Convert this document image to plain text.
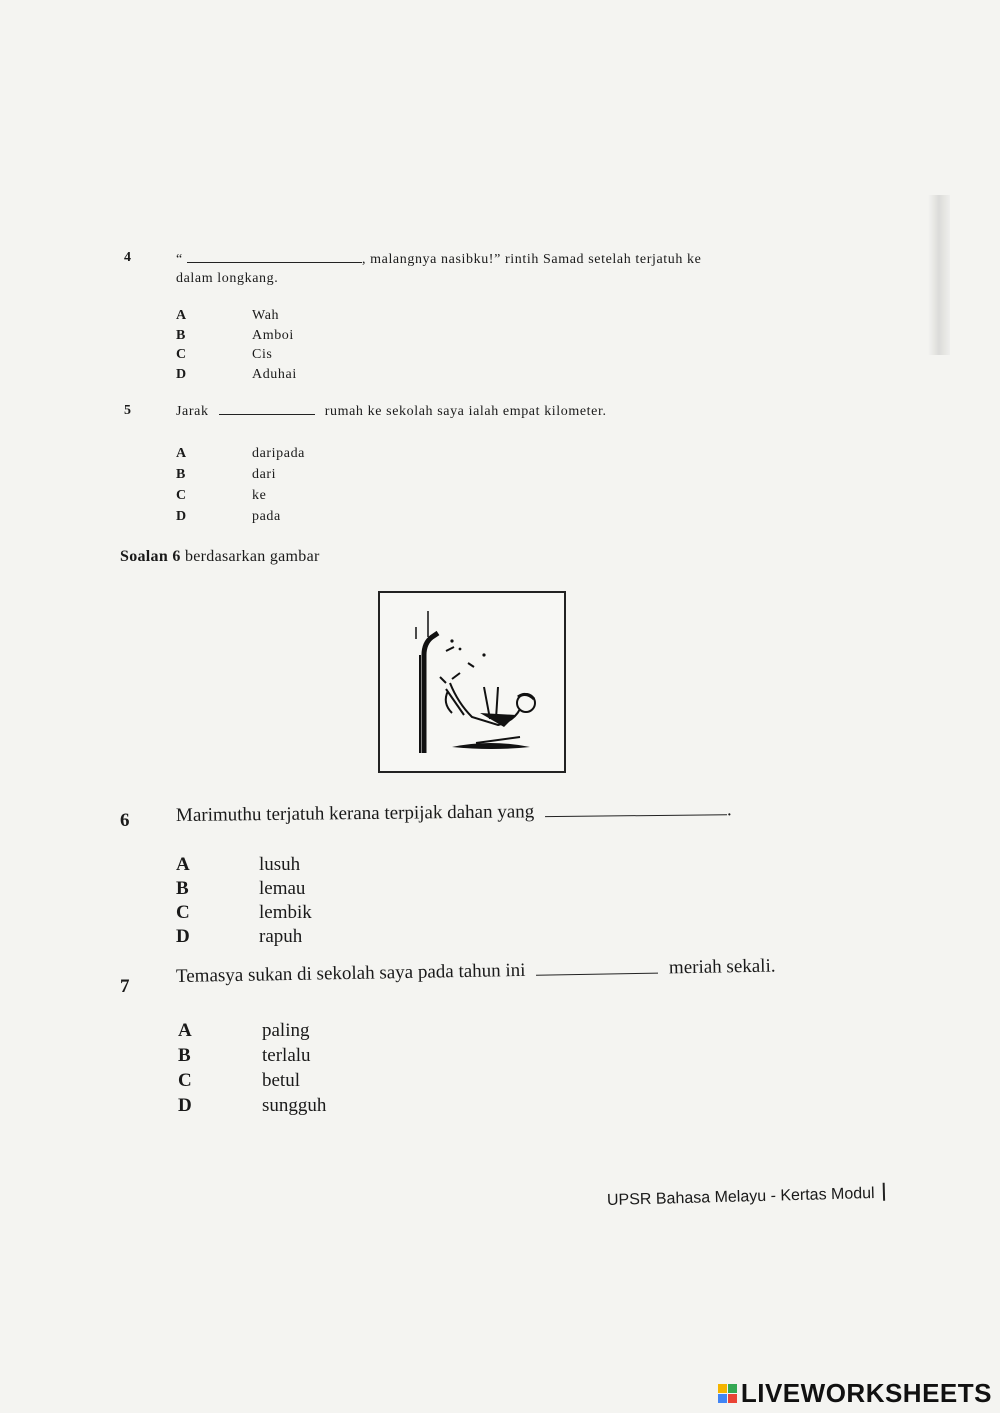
4	“	, malangnya nasibku!” rintih Samad setelah terjatuh ke
dalam longkang.
A	Wah
B	Amboi
C	Cis
D	Aduhai
5	Jarak	rumah ke sekolah saya ialah empat kilometer.
A	daripada
B	dari
C	ke
D	pada
Soalan 6 berdasarkan gambar
6 Marimuthu terjatuh kerana terpijak dahan yang	.
A	lusuh
B	lemau
C	lembik
D	rapuh
7 Temasya sukan di sekolah saya pada tahun ini	meriah sekali.
A	paling
B	terlalu
C	betul
D	sungguh
UPSR Bahasa Melayu - Kertas Modul
LIVEWORKSHEETS
